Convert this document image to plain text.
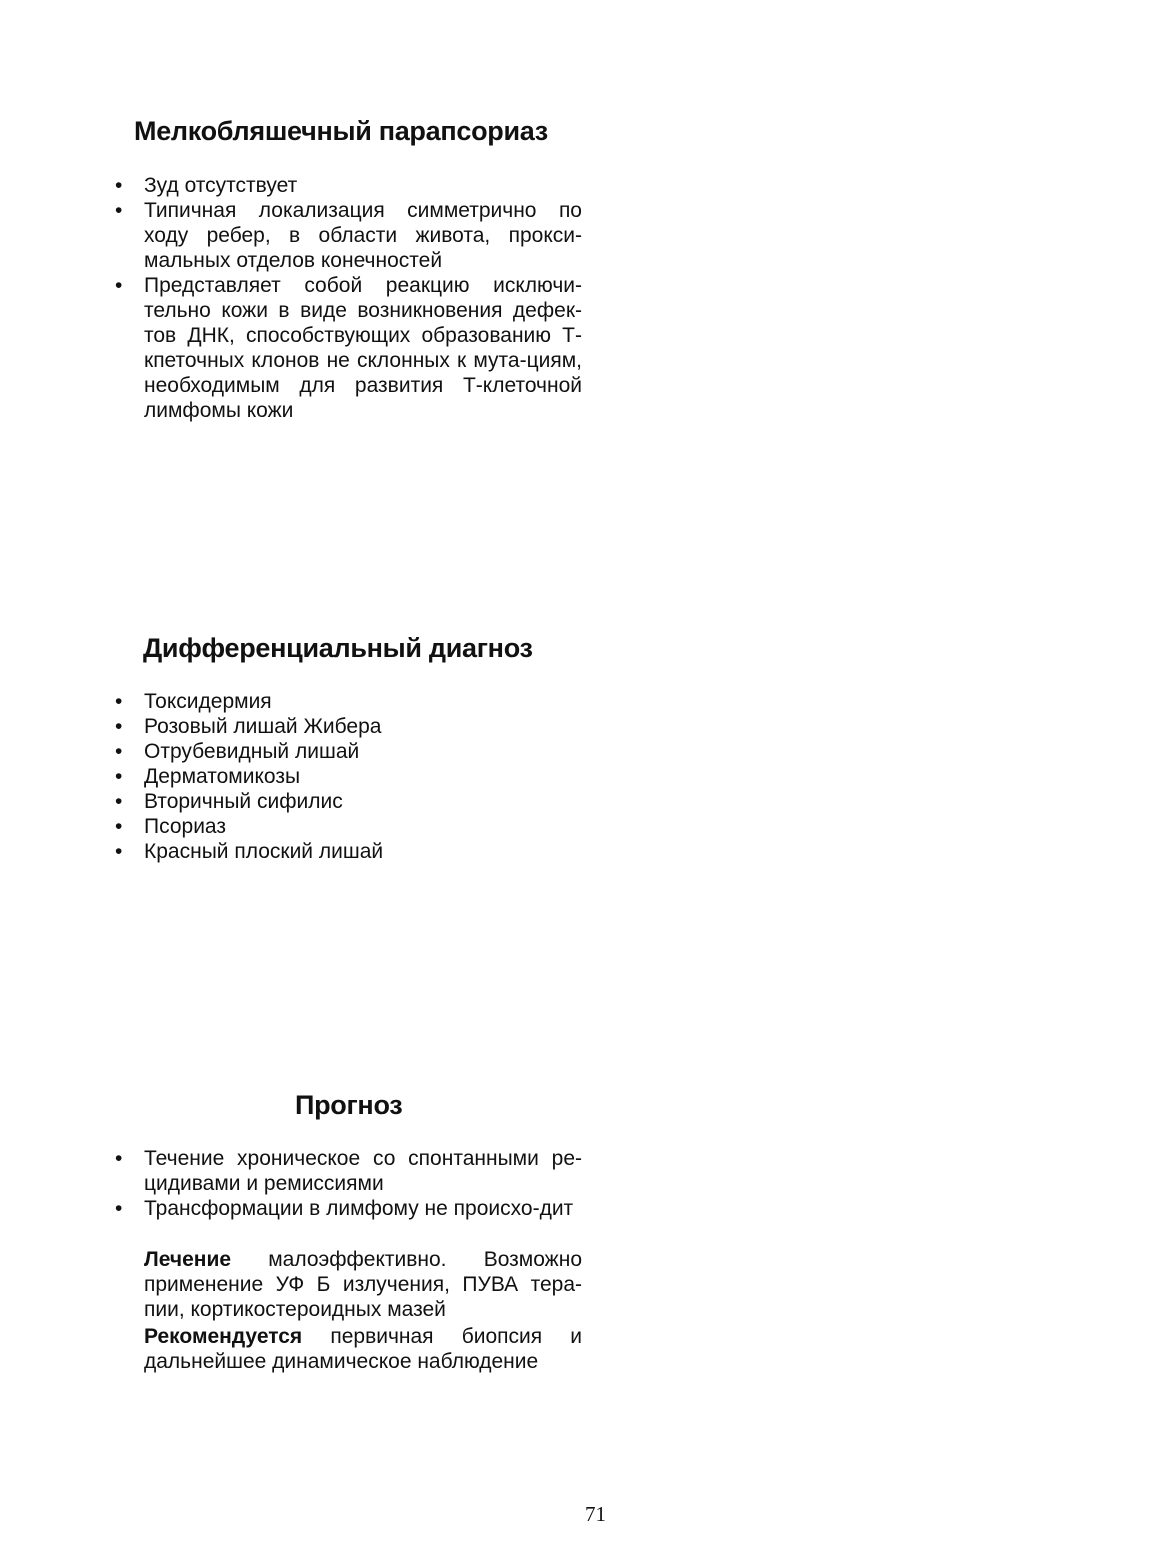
Мелкобляшечный парапсориаз
• Зуд отсутствует
• Типичная локализация симметрично по ходу ребер, в области живота, прокси-мальных отделов конечностей
• Представляет собой реакцию исключи-тельно кожи в виде возникновения дефек-тов ДНК, способствующих образованию Т-кпеточных клонов не склонных к мута-циям, необходимым для развития Т-клеточной лимфомы кожи
Дифференциальный диагноз
• Токсидермия
• Розовый лишай Жибера
• Отрубевидный лишай
• Дерматомикозы
• Вторичный сифилис
• Псориаз
• Красный плоский лишай
Прогноз
• Течение хроническое со спонтанными ре-цидивами и ремиссиями
• Трансформации в лимфому не происхо-дит

Лечение малоэффективно. Возможно применение УФ Б излучения, ПУВА тера-пии, кортикостероидных мазей

Рекомендуется первичная биопсия и дальнейшее динамическое наблюдение

71
